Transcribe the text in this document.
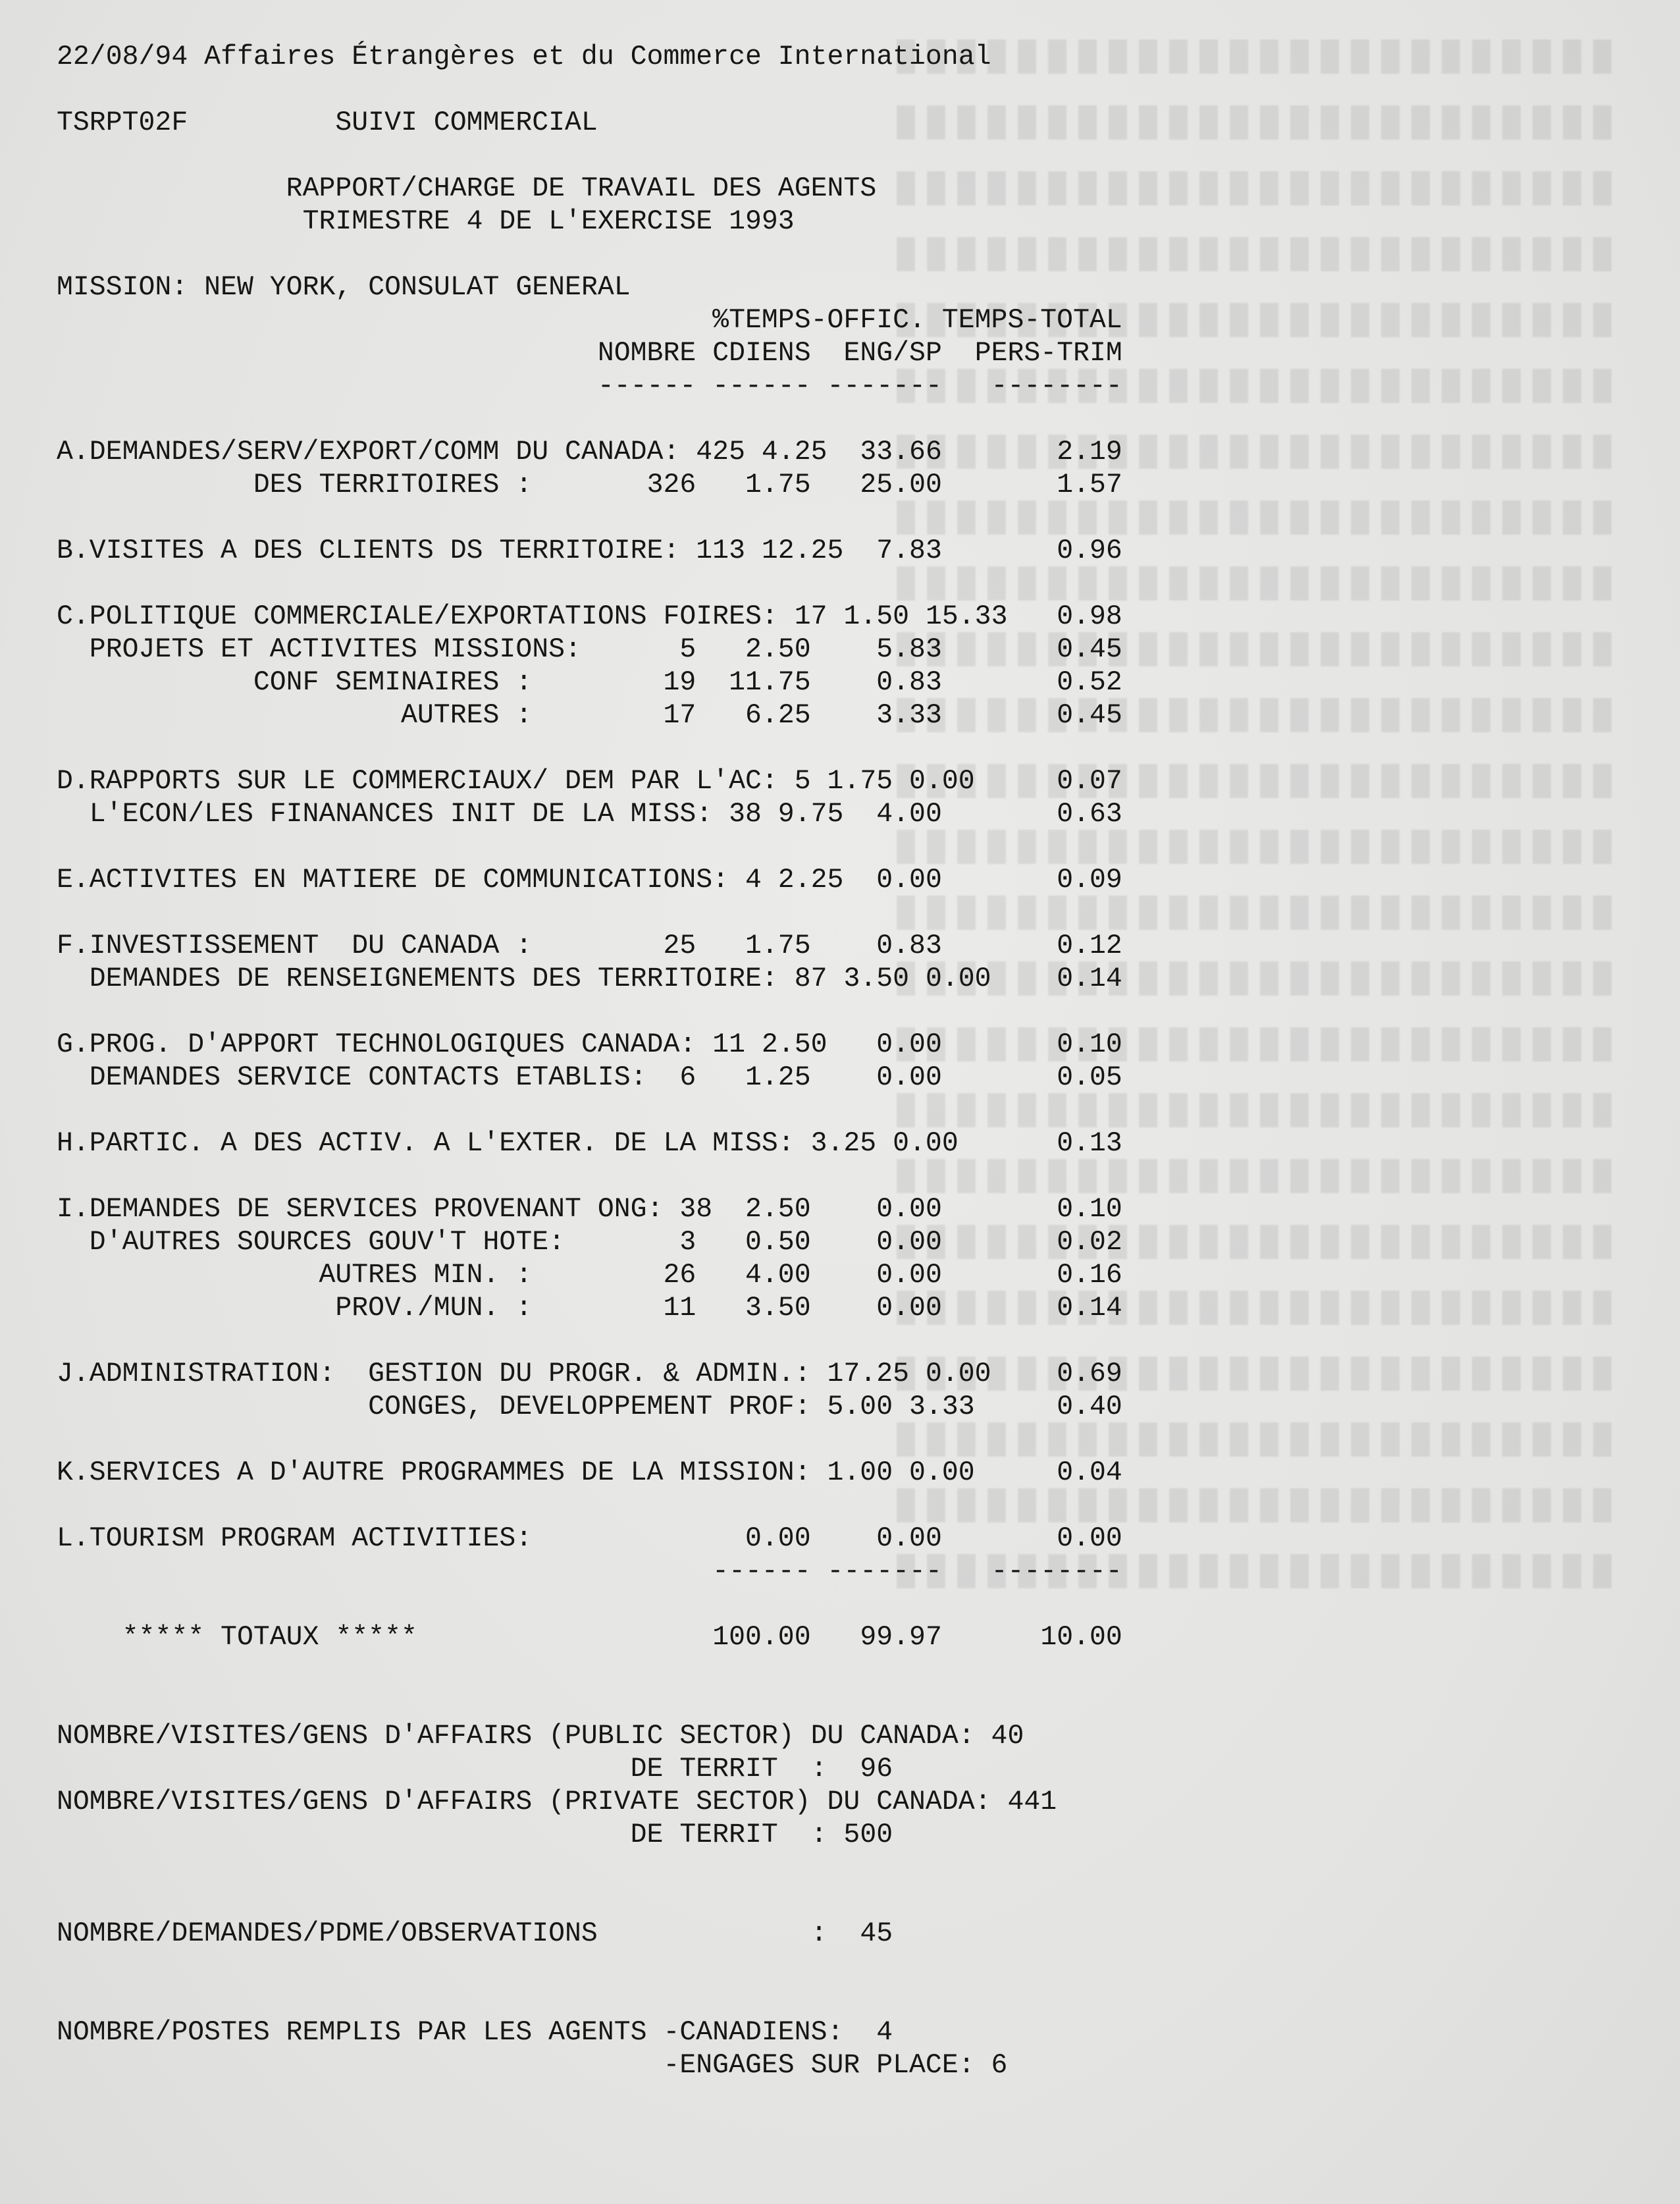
22/08/94 Affaires Étrangères et du Commerce International

TSRPT02F	SUIVI COMMERCIAL

RAPPORT/CHARGE DE TRAVAIL DES AGENTS
TRIMESTRE 4 DE L'EXERCISE 1993

MISSION: NEW YORK, CONSULAT GENERAL
%TEMPS-OFFIC. TEMPS-TOTAL
NOMBRE CDIENS ENG/SP PERS-TRIM
------ ------ ------- --------

A.DEMANDES/SERV/EXPORT/COMM DU CANADA: 425 4.25 33.66	2.19
DES TERRITOIRES :	326 1.75 25.00	1.57

B.VISITES A DES CLIENTS DS TERRITOIRE: 113 12.25 7.83	0.96

C.POLITIQUE COMMERCIALE/EXPORTATIONS FOIRES: 17 1.50 15.33 0.98
PROJETS ET ACTIVITES MISSIONS:	5 2.50 5.83	0.45
CONF SEMINAIRES :	19 11.75 0.83	0.52
AUTRES :	17 6.25 3.33	0.45

D.RAPPORTS SUR LE COMMERCIAUX/ DEM PAR L'AC: 5 1.75 0.00	0.07
L'ECON/LES FINANANCES INIT DE LA MISS: 38 9.75 4.00	0.63

E.ACTIVITES EN MATIERE DE COMMUNICATIONS: 4 2.25 0.00	0.09

F.INVESTISSEMENT DU CANADA :	25 1.75 0.83	0.12
DEMANDES DE RENSEIGNEMENTS DES TERRITOIRE: 87 3.50 0.00 0.14

G.PROG. D'APPORT TECHNOLOGIQUES CANADA: 11 2.50 0.00	0.10
DEMANDES SERVICE CONTACTS ETABLIS: 6 1.25 0.00	0.05

H.PARTIC. A DES ACTIV. A L'EXTER. DE LA MISS: 3.25 0.00	0.13

I.DEMANDES DE SERVICES PROVENANT ONG: 38 2.50 0.00	0.10
D'AUTRES SOURCES GOUV'T HOTE:	3 0.50 0.00	0.02
AUTRES MIN. :	26 4.00 0.00	0.16
PROV./MUN. :	11 3.50 0.00	0.14

J.ADMINISTRATION:  GESTION DU PROGR. & ADMIN.: 17.25 0.00 0.69
CONGES, DEVELOPPEMENT PROF: 5.00 3.33	0.40

K.SERVICES A D'AUTRE PROGRAMMES DE LA MISSION: 1.00 0.00	0.04

L.TOURISM PROGRAM ACTIVITIES:	0.00 0.00	0.00
------ ------- --------

***** TOTAUX *****	100.00 99.97	10.00

NOMBRE/VISITES/GENS D'AFFAIRS (PUBLIC SECTOR) DU CANADA: 40
DE TERRIT : 96
NOMBRE/VISITES/GENS D'AFFAIRS (PRIVATE SECTOR) DU CANADA: 441
DE TERRIT : 500

NOMBRE/DEMANDES/PDME/OBSERVATIONS	: 45

NOMBRE/POSTES REMPLIS PAR LES AGENTS -CANADIENS: 4
-ENGAGES SUR PLACE: 6
